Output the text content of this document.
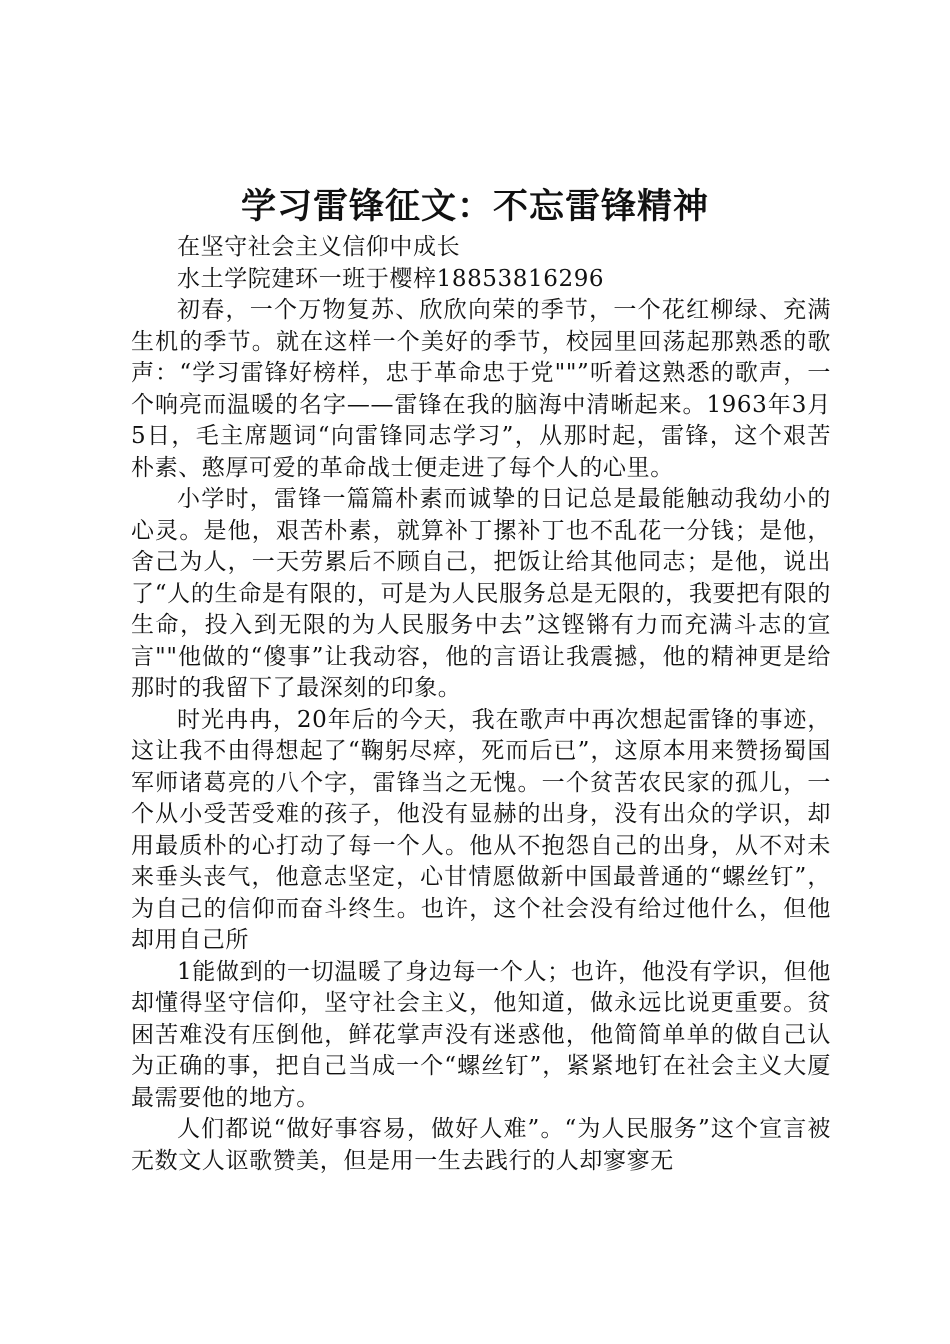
学习雷锋征文：不忘雷锋精神

在坚守社会主义信仰中成长

水土学院建环一班于樱梓18853816296

初春，一个万物复苏、欣欣向荣的季节，一个花红柳绿、充满生机的季节。就在这样一个美好的季节，校园里回荡起那熟悉的歌声：“学习雷锋好榜样，忠于革命忠于党""”听着这熟悉的歌声，一个响亮而温暖的名字——雷锋在我的脑海中清晰起来。1963年3月5日，毛主席题词“向雷锋同志学习”，从那时起，雷锋，这个艰苦朴素、憨厚可爱的革命战士便走进了每个人的心里。

小学时，雷锋一篇篇朴素而诚挚的日记总是最能触动我幼小的心灵。是他，艰苦朴素，就算补丁摞补丁也不乱花一分钱；是他，舍己为人，一天劳累后不顾自己，把饭让给其他同志；是他，说出了“人的生命是有限的，可是为人民服务总是无限的，我要把有限的生命，投入到无限的为人民服务中去”这铿锵有力而充满斗志的宣言""他做的“傻事”让我动容，他的言语让我震撼，他的精神更是给那时的我留下了最深刻的印象。

时光冉冉，20年后的今天，我在歌声中再次想起雷锋的事迹，这让我不由得想起了“鞠躬尽瘁，死而后已”，这原本用来赞扬蜀国军师诸葛亮的八个字，雷锋当之无愧。一个贫苦农民家的孤儿，一个从小受苦受难的孩子，他没有显赫的出身，没有出众的学识，却用最质朴的心打动了每一个人。他从不抱怨自己的出身，从不对未来垂头丧气，他意志坚定，心甘情愿做新中国最普通的“螺丝钉”，为自己的信仰而奋斗终生。也许，这个社会没有给过他什么，但他却用自己所

1能做到的一切温暖了身边每一个人；也许，他没有学识，但他却懂得坚守信仰，坚守社会主义，他知道，做永远比说更重要。贫困苦难没有压倒他，鲜花掌声没有迷惑他，他简简单单的做自己认为正确的事，把自己当成一个“螺丝钉”，紧紧地钉在社会主义大厦最需要他的地方。

人们都说“做好事容易，做好人难”。“为人民服务”这个宣言被无数文人讴歌赞美，但是用一生去践行的人却寥寥无
